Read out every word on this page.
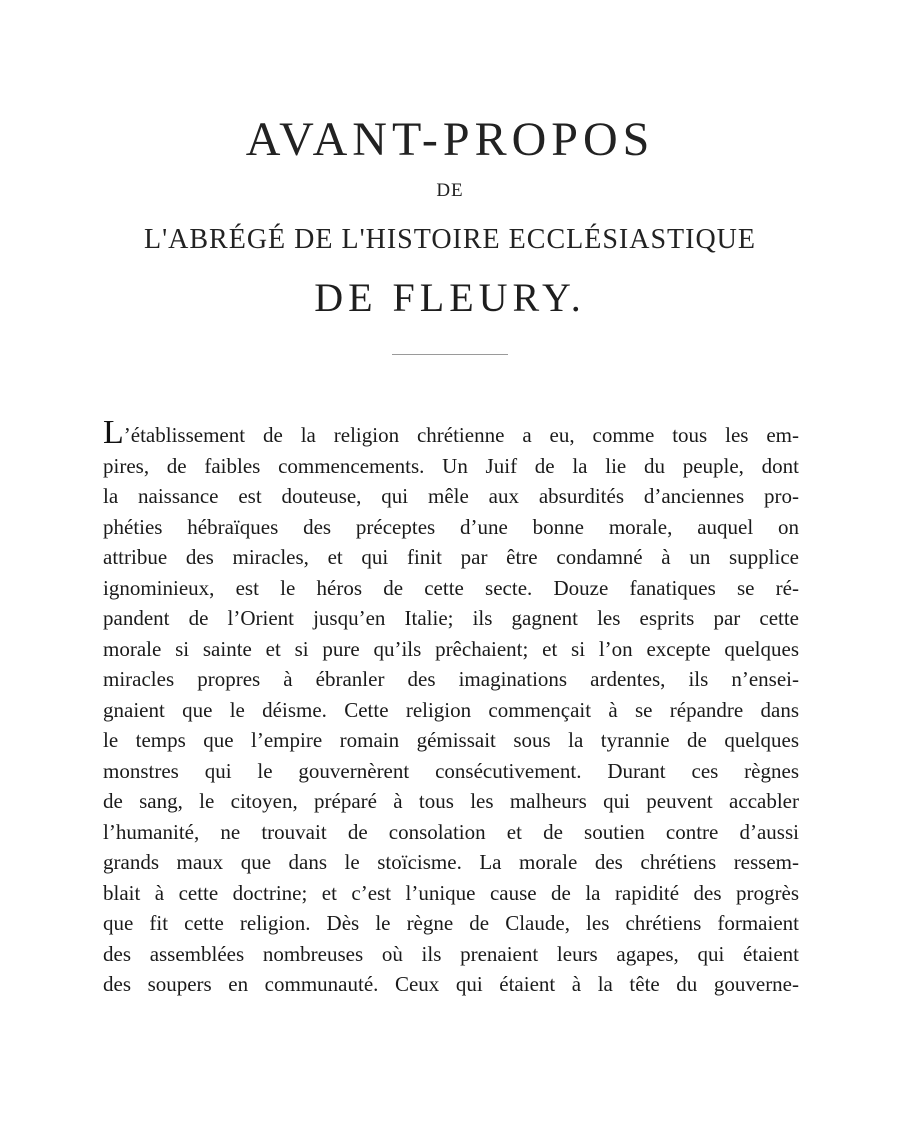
AVANT-PROPOS
DE
L'ABRÉGÉ DE L'HISTOIRE ECCLÉSIASTIQUE
DE FLEURY.
L’établissement de la religion chrétienne a eu, comme tous les em-
pires, de faibles commencements. Un Juif de la lie du peuple, dont
la naissance est douteuse, qui mêle aux absurdités d’anciennes pro-
phéties hébraïques des préceptes d’une bonne morale, auquel on
attribue des miracles, et qui finit par être condamné à un supplice
ignominieux, est le héros de cette secte. Douze fanatiques se ré-
pandent de l’Orient jusqu’en Italie; ils gagnent les esprits par cette
morale si sainte et si pure qu’ils prêchaient; et si l’on excepte quelques
miracles propres à ébranler des imaginations ardentes, ils n’ensei-
gnaient que le déisme. Cette religion commençait à se répandre dans
le temps que l’empire romain gémissait sous la tyrannie de quelques
monstres qui le gouvernèrent consécutivement. Durant ces règnes
de sang, le citoyen, préparé à tous les malheurs qui peuvent accabler
l’humanité, ne trouvait de consolation et de soutien contre d’aussi
grands maux que dans le stoïcisme. La morale des chrétiens ressem-
blait à cette doctrine; et c’est l’unique cause de la rapidité des progrès
que fit cette religion. Dès le règne de Claude, les chrétiens formaient
des assemblées nombreuses où ils prenaient leurs agapes, qui étaient
des soupers en communauté. Ceux qui étaient à la tête du gouverne-
